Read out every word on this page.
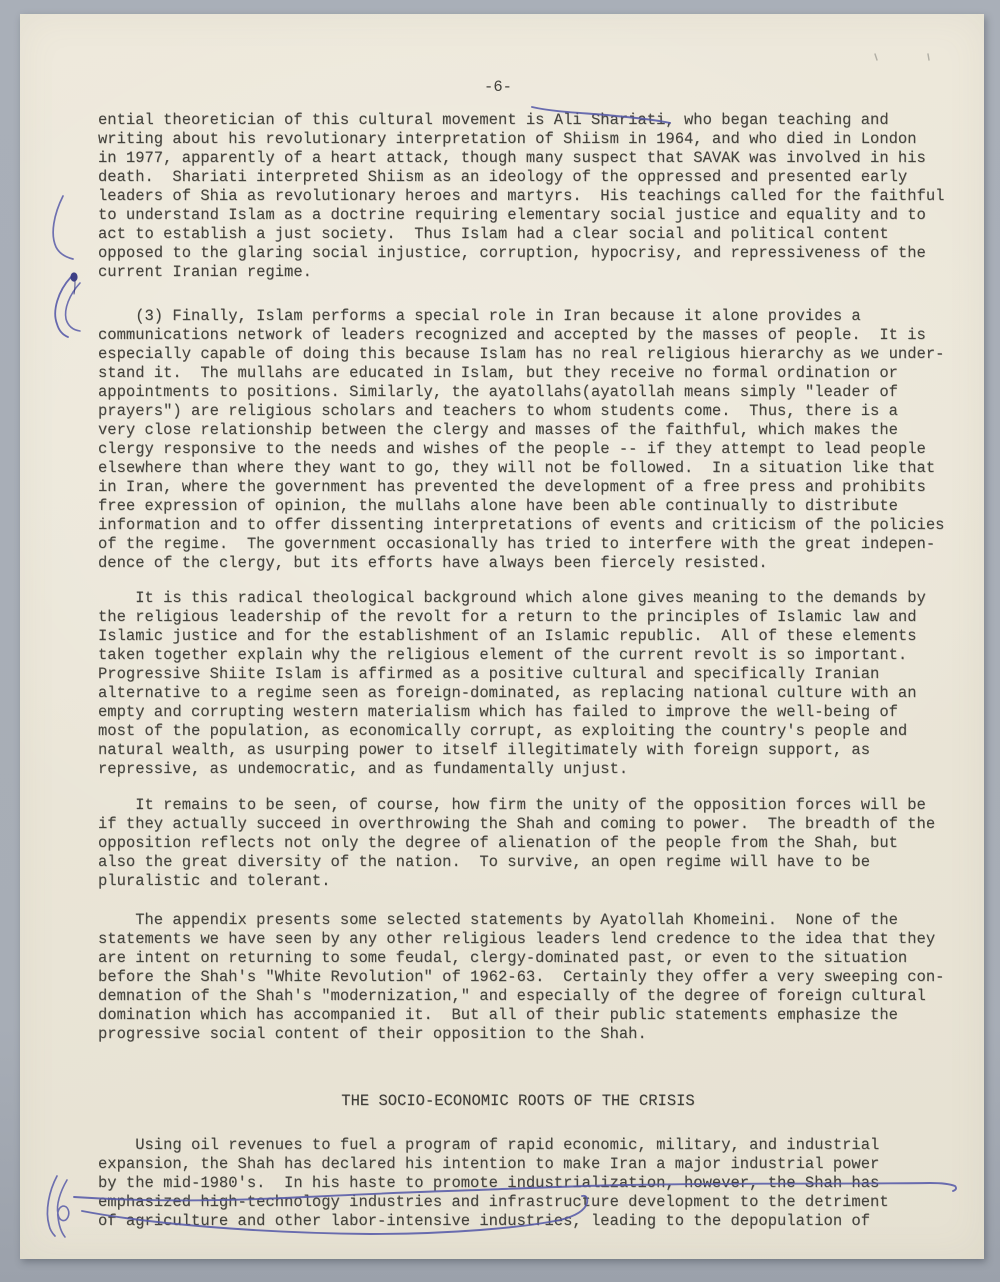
-6-
ential theoretician of this cultural movement is Ali Shariati, who began teaching and
writing about his revolutionary interpretation of Shiism in 1964, and who died in London
in 1977, apparently of a heart attack, though many suspect that SAVAK was involved in his
death.  Shariati interpreted Shiism as an ideology of the oppressed and presented early
leaders of Shia as revolutionary heroes and martyrs.  His teachings called for the faithful
to understand Islam as a doctrine requiring elementary social justice and equality and to
act to establish a just society.  Thus Islam had a clear social and political content
opposed to the glaring social injustice, corruption, hypocrisy, and repressiveness of the
current Iranian regime.
(3) Finally, Islam performs a special role in Iran because it alone provides a
communications network of leaders recognized and accepted by the masses of people.  It is
especially capable of doing this because Islam has no real religious hierarchy as we under-
stand it.  The mullahs are educated in Islam, but they receive no formal ordination or
appointments to positions. Similarly, the ayatollahs(ayatollah means simply "leader of
prayers") are religious scholars and teachers to whom students come.  Thus, there is a
very close relationship between the clergy and masses of the faithful, which makes the
clergy responsive to the needs and wishes of the people -- if they attempt to lead people
elsewhere than where they want to go, they will not be followed.  In a situation like that
in Iran, where the government has prevented the development of a free press and prohibits
free expression of opinion, the mullahs alone have been able continually to distribute
information and to offer dissenting interpretations of events and criticism of the policies
of the regime.  The government occasionally has tried to interfere with the great indepen-
dence of the clergy, but its efforts have always been fiercely resisted.
It is this radical theological background which alone gives meaning to the demands by
the religious leadership of the revolt for a return to the principles of Islamic law and
Islamic justice and for the establishment of an Islamic republic.  All of these elements
taken together explain why the religious element of the current revolt is so important.
Progressive Shiite Islam is affirmed as a positive cultural and specifically Iranian
alternative to a regime seen as foreign-dominated, as replacing national culture with an
empty and corrupting western materialism which has failed to improve the well-being of
most of the population, as economically corrupt, as exploiting the country's people and
natural wealth, as usurping power to itself illegitimately with foreign support, as
repressive, as undemocratic, and as fundamentally unjust.
It remains to be seen, of course, how firm the unity of the opposition forces will be
if they actually succeed in overthrowing the Shah and coming to power.  The breadth of the
opposition reflects not only the degree of alienation of the people from the Shah, but
also the great diversity of the nation.  To survive, an open regime will have to be
pluralistic and tolerant.
The appendix presents some selected statements by Ayatollah Khomeini.  None of the
statements we have seen by any other religious leaders lend credence to the idea that they
are intent on returning to some feudal, clergy-dominated past, or even to the situation
before the Shah's "White Revolution" of 1962-63.  Certainly they offer a very sweeping con-
demnation of the Shah's "modernization," and especially of the degree of foreign cultural
domination which has accompanied it.  But all of their public statements emphasize the
progressive social content of their opposition to the Shah.
THE SOCIO-ECONOMIC ROOTS OF THE CRISIS
Using oil revenues to fuel a program of rapid economic, military, and industrial
expansion, the Shah has declared his intention to make Iran a major industrial power
by the mid-1980's.  In his haste to promote industrialization, however, the Shah has
emphasized high-technology industries and infrastructure development to the detriment
of agriculture and other labor-intensive industries, leading to the depopulation of
